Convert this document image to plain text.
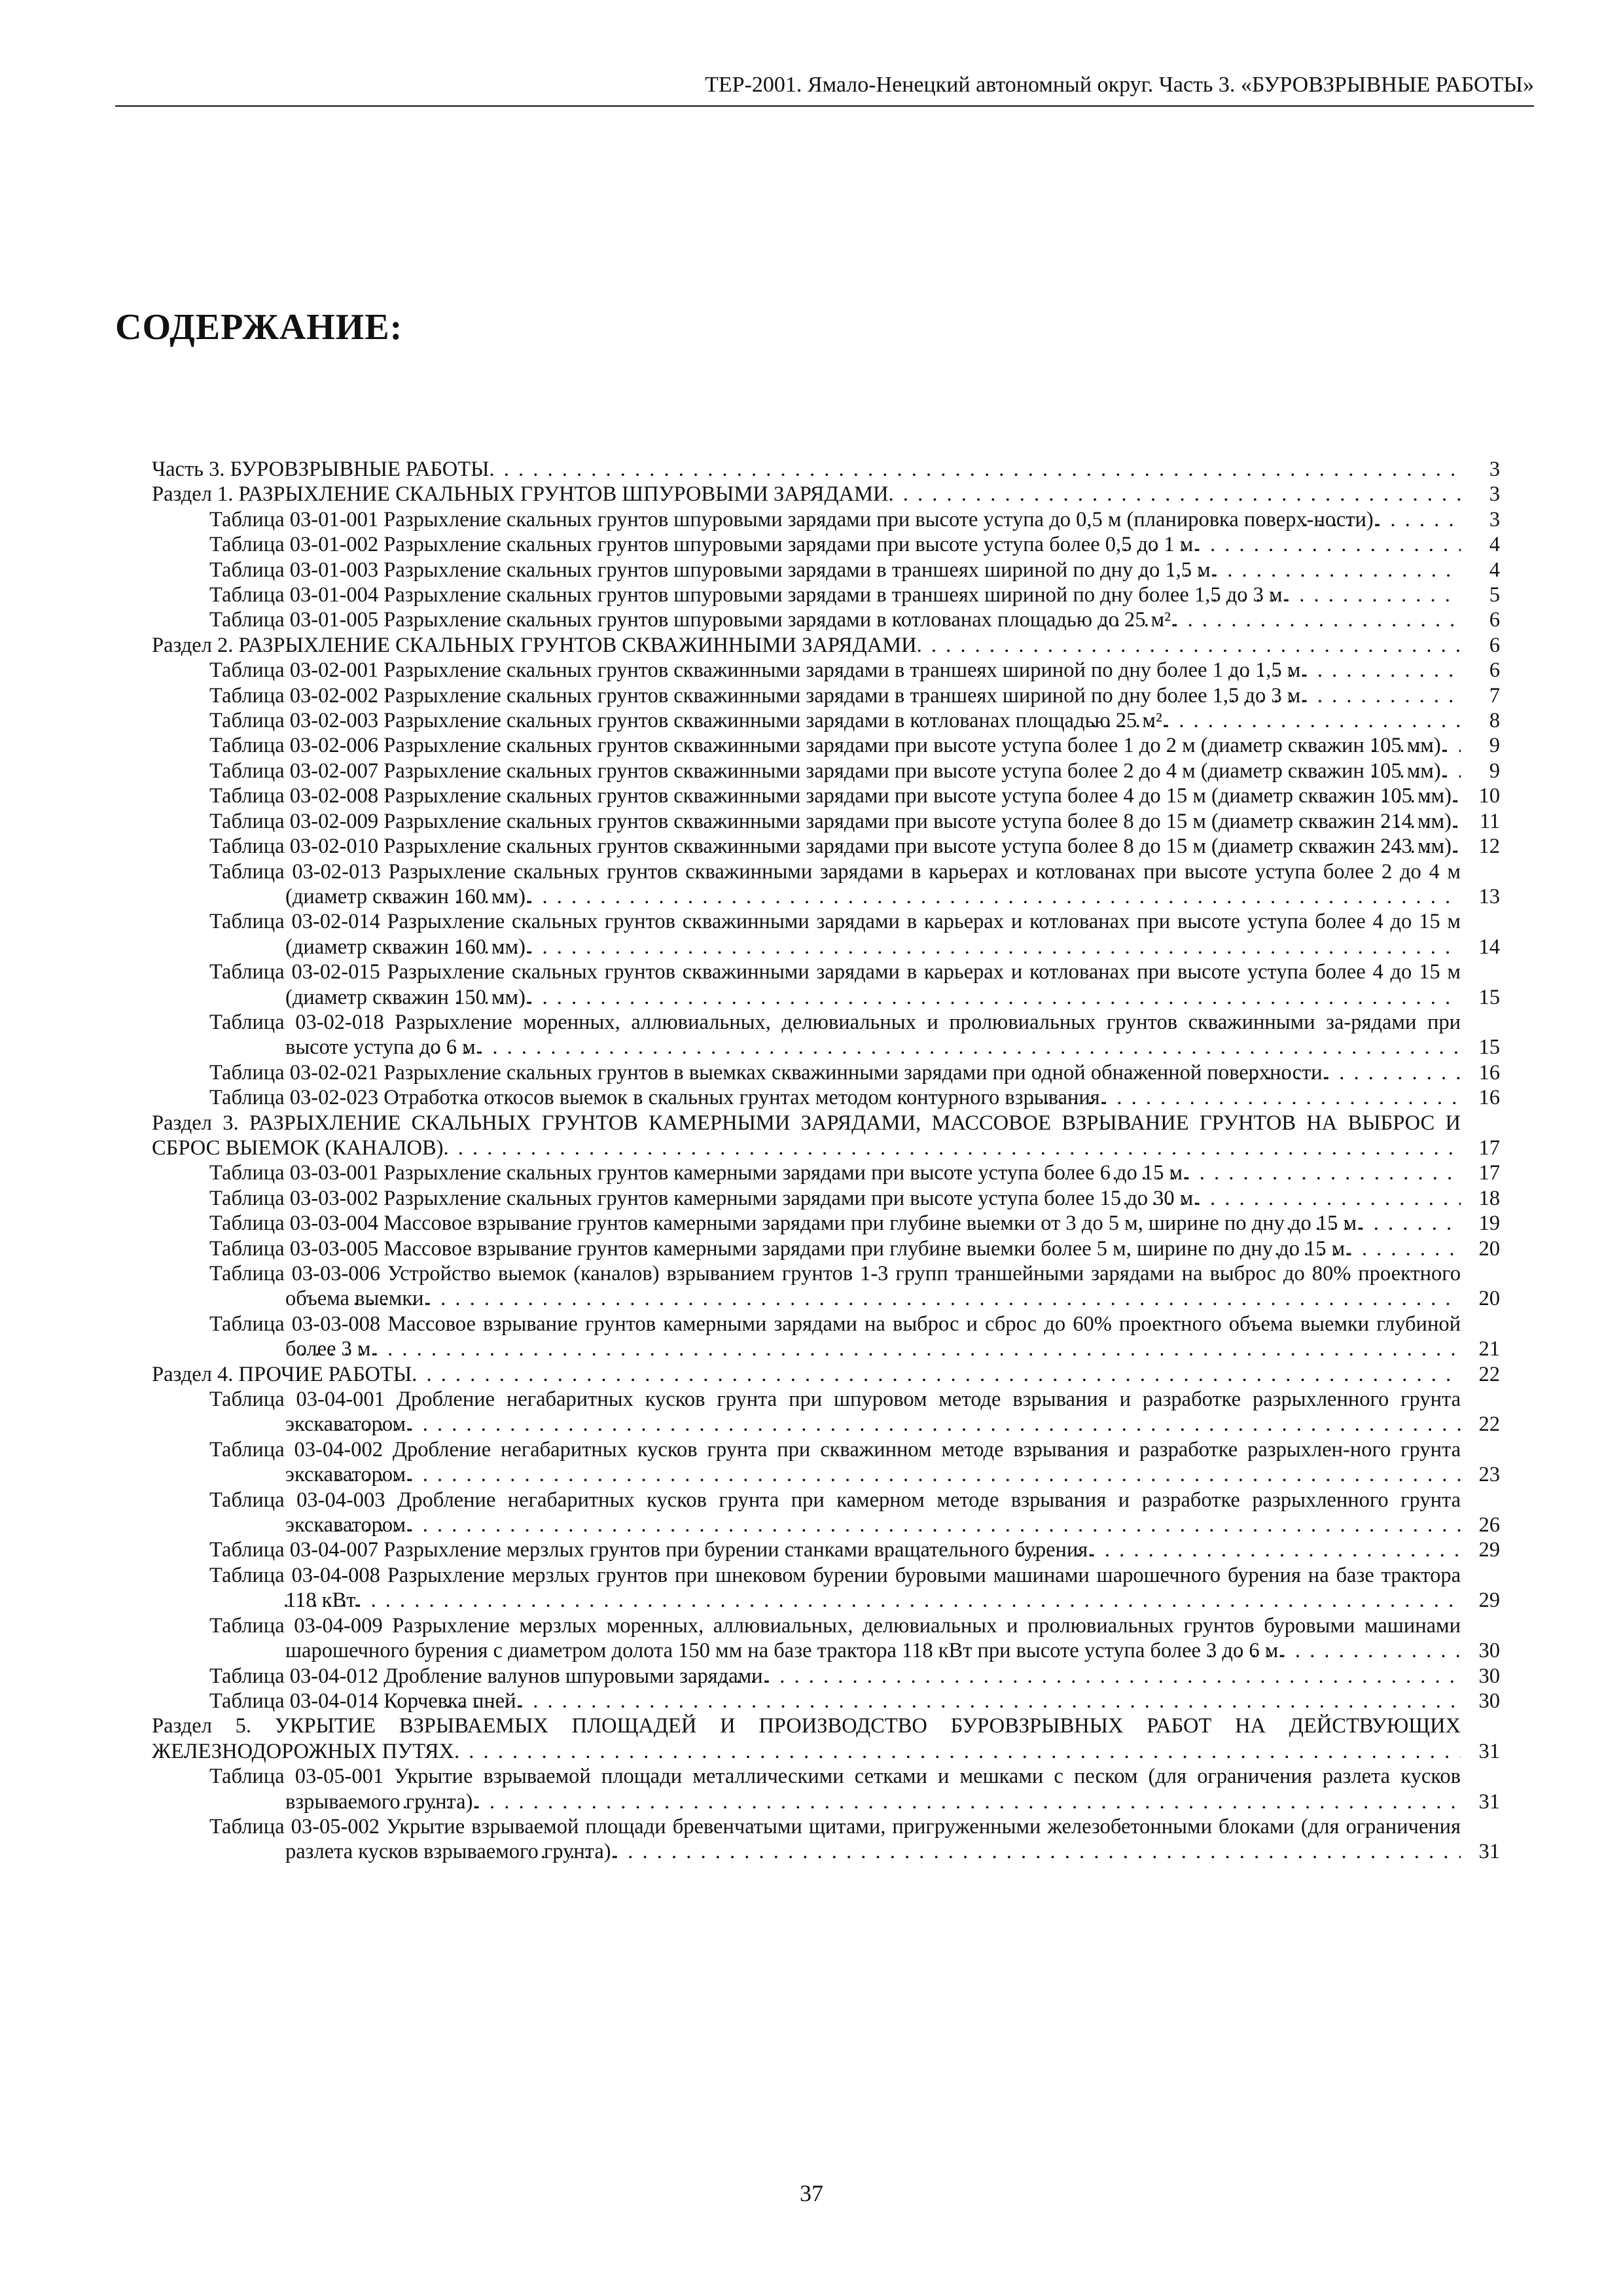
ТЕР-2001. Ямало-Ненецкий автономный округ. Часть 3. «БУРОВЗРЫВНЫЕ РАБОТЫ»
СОДЕРЖАНИЕ:
Часть 3. БУРОВЗРЫВНЫЕ РАБОТЫ . . .	3
Раздел 1. РАЗРЫХЛЕНИЕ СКАЛЬНЫХ ГРУНТОВ ШПУРОВЫМИ ЗАРЯДАМИ . . .	3
Таблица 03-01-001 Разрыхление скальных грунтов шпуровыми зарядами при высоте уступа до 0,5 м (планировка поверх-ности). . . .	3
Таблица 03-01-002 Разрыхление скальных грунтов шпуровыми зарядами при высоте уступа более 0,5 до 1 м. . . .	4
Таблица 03-01-003 Разрыхление скальных грунтов шпуровыми зарядами в траншеях шириной по дну до 1,5 м. . . .	4
Таблица 03-01-004 Разрыхление скальных грунтов шпуровыми зарядами в траншеях шириной по дну более 1,5 до 3 м. . . .	5
Таблица 03-01-005 Разрыхление скальных грунтов шпуровыми зарядами в котлованах площадью до 25 м². . . .	6
Раздел 2. РАЗРЫХЛЕНИЕ СКАЛЬНЫХ ГРУНТОВ СКВАЖИННЫМИ ЗАРЯДАМИ . . .	6
Таблица 03-02-001 Разрыхление скальных грунтов скважинными зарядами в траншеях шириной по дну более 1 до 1,5 м. . . .	6
Таблица 03-02-002 Разрыхление скальных грунтов скважинными зарядами в траншеях шириной по дну более 1,5 до 3 м. . . .	7
Таблица 03-02-003 Разрыхление скальных грунтов скважинными зарядами в котлованах площадью 25 м². . . .	8
Таблица 03-02-006 Разрыхление скальных грунтов скважинными зарядами при высоте уступа более 1 до 2 м (диаметр скважин 105 мм). . . .	9
Таблица 03-02-007 Разрыхление скальных грунтов скважинными зарядами при высоте уступа более 2 до 4 м (диаметр скважин 105 мм). . . .	9
Таблица 03-02-008 Разрыхление скальных грунтов скважинными зарядами при высоте уступа более 4 до 15 м (диаметр скважин 105 мм). . . .	10
Таблица 03-02-009 Разрыхление скальных грунтов скважинными зарядами при высоте уступа более 8 до 15 м (диаметр скважин 214 мм). . . .	11
Таблица 03-02-010 Разрыхление скальных грунтов скважинными зарядами при высоте уступа более 8 до 15 м (диаметр скважин 243 мм). . . .	12
Таблица 03-02-013 Разрыхление скальных грунтов скважинными зарядами в карьерах и котлованах при высоте уступа более 2 до 4 м (диаметр скважин 160 мм). . . .	13
Таблица 03-02-014 Разрыхление скальных грунтов скважинными зарядами в карьерах и котлованах при высоте уступа более 4 до 15 м (диаметр скважин 160 мм). . . .	14
Таблица 03-02-015 Разрыхление скальных грунтов скважинными зарядами в карьерах и котлованах при высоте уступа более 4 до 15 м (диаметр скважин 150 мм). . . .	15
Таблица 03-02-018 Разрыхление моренных, аллювиальных, делювиальных и пролювиальных грунтов скважинными за-рядами при высоте уступа до 6 м. . . .	15
Таблица 03-02-021 Разрыхление скальных грунтов в выемках скважинными зарядами при одной обнаженной поверхности. . . .	16
Таблица 03-02-023 Отработка откосов выемок в скальных грунтах методом контурного взрывания. . . .	16
Раздел 3. РАЗРЫХЛЕНИЕ СКАЛЬНЫХ ГРУНТОВ КАМЕРНЫМИ ЗАРЯДАМИ, МАССОВОЕ ВЗРЫВАНИЕ ГРУНТОВ НА ВЫБРОС И СБРОС ВЫЕМОК (КАНАЛОВ) . . .	17
Таблица 03-03-001 Разрыхление скальных грунтов камерными зарядами при высоте уступа более 6 до 15 м. . . .	17
Таблица 03-03-002 Разрыхление скальных грунтов камерными зарядами при высоте уступа более 15 до 30 м. . . .	18
Таблица 03-03-004 Массовое взрывание грунтов камерными зарядами при глубине выемки от 3 до 5 м, ширине по дну до 15 м. . . .	19
Таблица 03-03-005 Массовое взрывание грунтов камерными зарядами при глубине выемки более 5 м, ширине по дну до 15 м. . . .	20
Таблица 03-03-006 Устройство выемок (каналов) взрыванием грунтов 1-3 групп траншейными зарядами на выброс до 80% проектного объема выемки. . . .	20
Таблица 03-03-008 Массовое взрывание грунтов камерными зарядами на выброс и сброс до 60% проектного объема выемки глубиной более 3 м. . . .	21
Раздел 4. ПРОЧИЕ РАБОТЫ . . .	22
Таблица 03-04-001 Дробление негабаритных кусков грунта при шпуровом методе взрывания и разработке разрыхленного грунта экскаватором. . . .	22
Таблица 03-04-002 Дробление негабаритных кусков грунта при скважинном методе взрывания и разработке разрыхлен-ного грунта экскаватором. . . .	23
Таблица 03-04-003 Дробление негабаритных кусков грунта при камерном методе взрывания и разработке разрыхленного грунта экскаватором. . . .	26
Таблица 03-04-007 Разрыхление мерзлых грунтов при бурении станками вращательного бурения. . . .	29
Таблица 03-04-008 Разрыхление мерзлых грунтов при шнековом бурении буровыми машинами шарошечного бурения на базе трактора 118 кВт. . . .	29
Таблица 03-04-009 Разрыхление мерзлых моренных, аллювиальных, делювиальных и пролювиальных грунтов буровыми машинами шарошечного бурения с диаметром долота 150 мм на базе трактора 118 кВт при высоте уступа более 3 до 6 м. . . .	30
Таблица 03-04-012 Дробление валунов шпуровыми зарядами. . . .	30
Таблица 03-04-014 Корчевка пней. . . .	30
Раздел 5. УКРЫТИЕ ВЗРЫВАЕМЫХ ПЛОЩАДЕЙ И ПРОИЗВОДСТВО БУРОВЗРЫВНЫХ РАБОТ НА ДЕЙСТВУЮЩИХ ЖЕЛЕЗНОДОРОЖНЫХ ПУТЯХ . . .	31
Таблица 03-05-001 Укрытие взрываемой площади металлическими сетками и мешками с песком (для ограничения разлета кусков взрываемого грунта). . . .	31
Таблица 03-05-002 Укрытие взрываемой площади бревенчатыми щитами, пригруженными железобетонными блоками (для ограничения разлета кусков взрываемого грунта). . . .	31
37
